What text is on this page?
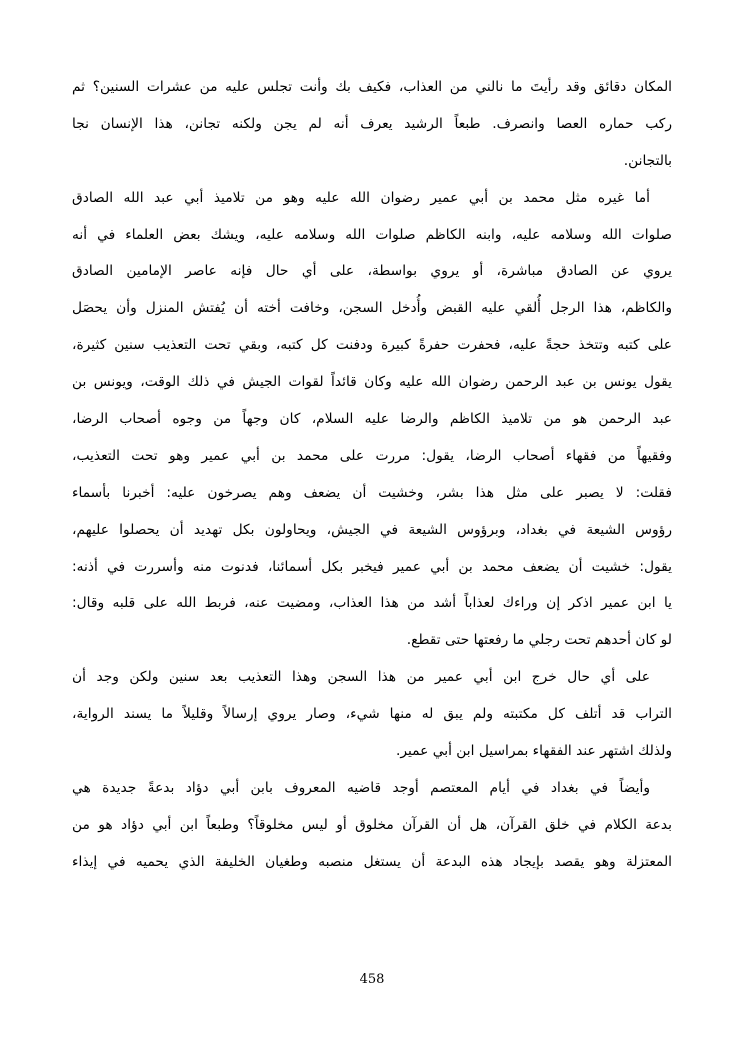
المكان دقائق وقد رأيتَ ما نالني من العذاب، فكيف بك وأنت تجلس عليه من عشرات السنين؟ ثم
ركب حماره العصا وانصرف. طبعاً الرشيد يعرف أنه لم يجن ولكنه تجانن، هذا الإنسان نجا
بالتجانن.
أما غيره مثل محمد بن أبي عمير رضوان الله عليه وهو من تلاميذ أبي عبد الله الصادق
صلوات الله وسلامه عليه، وابنه الكاظم صلوات الله وسلامه عليه، ويشك بعض العلماء في أنه
يروي عن الصادق مباشرة، أو يروي بواسطة، على أي حال فإنه عاصر الإمامين الصادق
والكاظم، هذا الرجل أُلقي عليه القبض وأُدخل السجن، وخافت أخته أن يُفتش المنزل وأن يحصَل
على كتبه وتتخذ حجةً عليه، فحفرت حفرةً كبيرة ودفنت كل كتبه، وبقي تحت التعذيب سنين كثيرة،
يقول يونس بن عبد الرحمن رضوان الله عليه وكان قائداً لقوات الجيش في ذلك الوقت، ويونس بن
عبد الرحمن هو من تلاميذ الكاظم والرضا عليه السلام، كان وجهاً من وجوه أصحاب الرضا،
وفقيهاً من فقهاء أصحاب الرضا، يقول: مررت على محمد بن أبي عمير وهو تحت التعذيب،
فقلت: لا يصبر على مثل هذا بشر، وخشيت أن يضعف وهم يصرخون عليه: أخبرنا بأسماء
رؤوس الشيعة في بغداد، وبرؤوس الشيعة في الجيش، ويحاولون بكل تهديد أن يحصلوا عليهم،
يقول: خشيت أن يضعف محمد بن أبي عمير فيخبر بكل أسمائنا، فدنوت منه وأسررت في أذنه:
يا ابن عمير اذكر إن وراءك لعذاباً أشد من هذا العذاب، ومضيت عنه، فربط الله على قلبه وقال:
لو كان أحدهم تحت رجلي ما رفعتها حتى تقطع.
على أي حال خرج ابن أبي عمير من هذا السجن وهذا التعذيب بعد سنين ولكن وجد أن
التراب قد أتلف كل مكتبته ولم يبق له منها شيء، وصار يروي إرسالاً وقليلاً ما يسند الرواية،
ولذلك اشتهر عند الفقهاء بمراسيل ابن أبي عمير.
وأيضاً في بغداد في أيام المعتصم أوجد قاضيه المعروف بابن أبي دؤاد بدعةً جديدة هي
بدعة الكلام في خلق القرآن، هل أن القرآن مخلوق أو ليس مخلوقاً؟ وطبعاً ابن أبي دؤاد هو من
المعتزلة وهو يقصد بإيجاد هذه البدعة أن يستغل منصبه وطغيان الخليفة الذي يحميه في إيذاء
458
